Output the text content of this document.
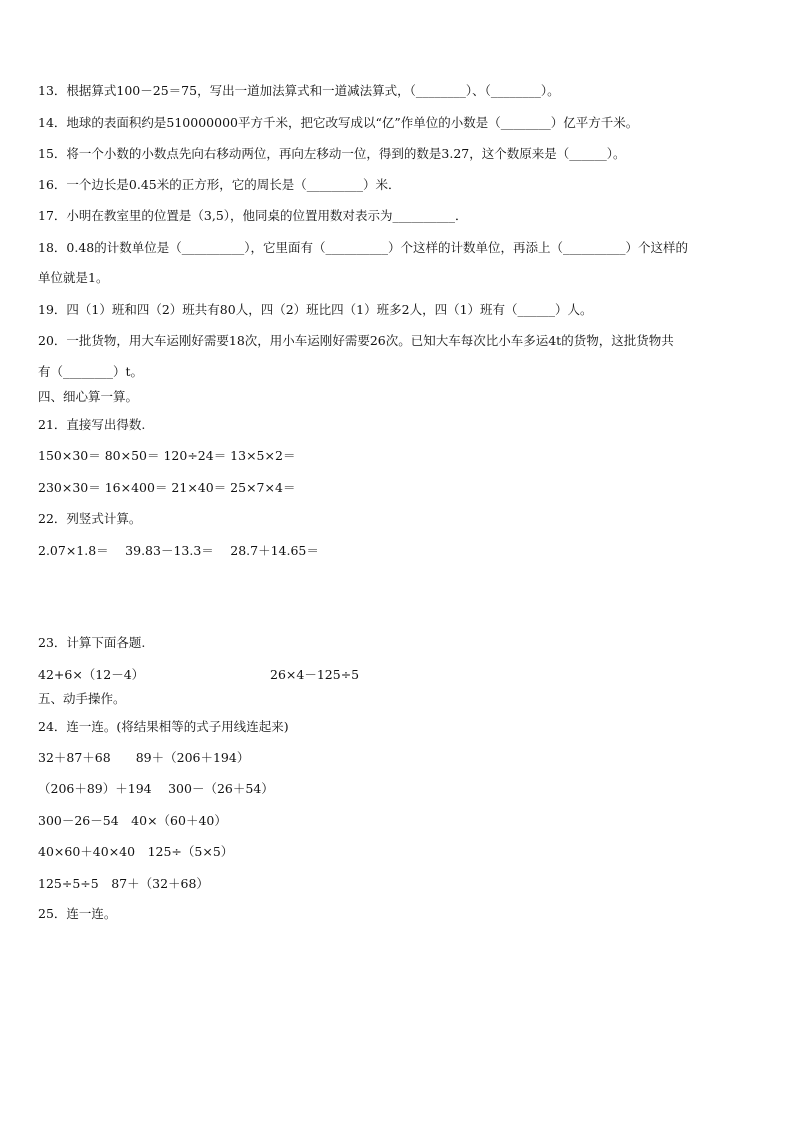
13．根据算式100－25＝75，写出一道加法算式和一道减法算式，（________）、（________）。
14．地球的表面积约是510000000平方千米，把它改写成以“亿”作单位的小数是（________）亿平方千米。
15．将一个小数的小数点先向右移动两位，再向左移动一位，得到的数是3.27，这个数原来是（______）。
16．一个边长是0.45米的正方形，它的周长是（_________）米．
17．小明在教室里的位置是（3,5），他同桌的位置用数对表示为__________．
18．0.48的计数单位是（__________），它里面有（__________）个这样的计数单位，再添上（__________）个这样的
单位就是1。
19．四（1）班和四（2）班共有80人，四（2）班比四（1）班多2人，四（1）班有（______）人。
20．一批货物，用大车运刚好需要18次，用小车运刚好需要26次。已知大车每次比小车多运4t的货物，这批货物共
有（________）t。
四、细心算一算。
21．直接写出得数.
150×30＝ 80×50＝ 120÷24＝ 13×5×2＝
230×30＝ 16×400＝ 21×40＝ 25×7×4＝
22．列竖式计算。
2.07×1.8＝　 39.83－13.3＝　 28.7＋14.65＝
23．计算下面各题.
42+6×（12－4）	26×4－125÷5
五、动手操作。
24．连一连。(将结果相等的式子用线连起来)
32＋87＋68　　89＋（206＋194）
（206＋89）＋194　 300－（26＋54）
300－26－54　40×（60＋40）
40×60＋40×40　125÷（5×5）
125÷5÷5　87＋（32＋68）
25．连一连。
